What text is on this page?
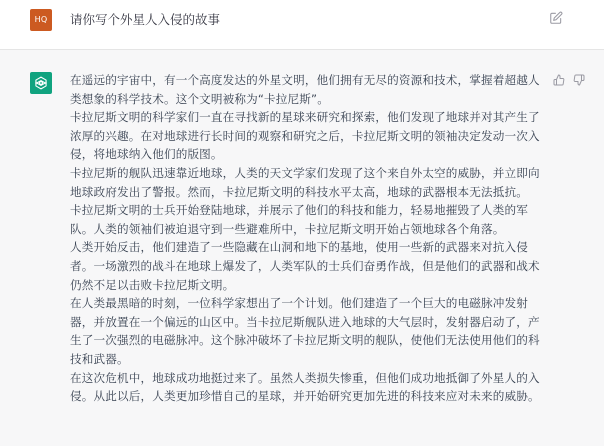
HQ	请你写个外星人入侵的故事

在遥远的宇宙中，有一个高度发达的外星文明，他们拥有无尽的资源和技术，掌握着超越人类想象的科学技术。这个文明被称为“卡拉尼斯”。

卡拉尼斯文明的科学家们一直在寻找新的星球来研究和探索，他们发现了地球并对其产生了浓厚的兴趣。在对地球进行长时间的观察和研究之后，卡拉尼斯文明的领袖决定发动一次入侵，将地球纳入他们的版图。

卡拉尼斯的舰队迅速靠近地球，人类的天文学家们发现了这个来自外太空的威胁，并立即向地球政府发出了警报。然而，卡拉尼斯文明的科技水平太高，地球的武器根本无法抵抗。

卡拉尼斯文明的士兵开始登陆地球，并展示了他们的科技和能力，轻易地摧毁了人类的军队。人类的领袖们被迫退守到一些避难所中，卡拉尼斯文明开始占领地球各个角落。

人类开始反击，他们建造了一些隐藏在山洞和地下的基地，使用一些新的武器来对抗入侵者。一场激烈的战斗在地球上爆发了，人类军队的士兵们奋勇作战，但是他们的武器和战术仍然不足以击败卡拉尼斯文明。

在人类最黑暗的时刻，一位科学家想出了一个计划。他们建造了一个巨大的电磁脉冲发射器，并放置在一个偏远的山区中。当卡拉尼斯舰队进入地球的大气层时，发射器启动了，产生了一次强烈的电磁脉冲。这个脉冲破坏了卡拉尼斯文明的舰队，使他们无法使用他们的科技和武器。

在这次危机中，地球成功地挺过来了。虽然人类损失惨重，但他们成功地抵御了外星人的入侵。从此以后，人类更加珍惜自己的星球，并开始研究更加先进的科技来应对未来的威胁。
